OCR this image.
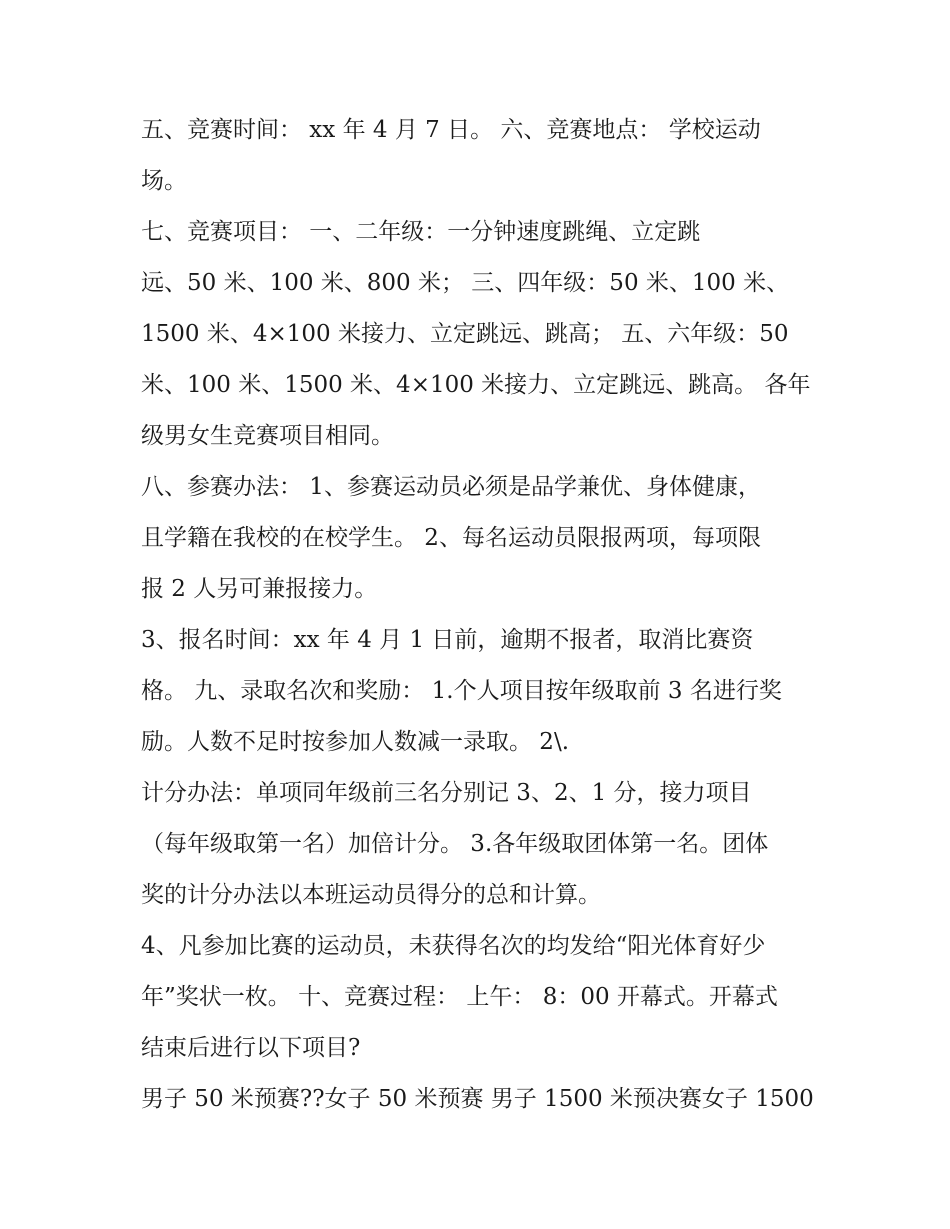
五、竞赛时间： xx 年 4 月 7 日。 六、竞赛地点： 学校运动

场。

七、竞赛项目： 一、二年级：一分钟速度跳绳、立定跳

远、50 米、100 米、800 米； 三、四年级：50 米、100 米、

1500 米、4×100 米接力、立定跳远、跳高； 五、六年级：50

米、100 米、1500 米、4×100 米接力、立定跳远、跳高。 各年

级男女生竞赛项目相同。

八、参赛办法： 1、参赛运动员必须是品学兼优、身体健康，

且学籍在我校的在校学生。 2、每名运动员限报两项，每项限

报 2 人另可兼报接力。

3、报名时间：xx 年 4 月 1 日前，逾期不报者，取消比赛资

格。 九、录取名次和奖励： 1.个人项目按年级取前 3 名进行奖

励。人数不足时按参加人数减一录取。 2\.

计分办法：单项同年级前三名分别记 3、2、1 分，接力项目

（每年级取第一名）加倍计分。 3.各年级取团体第一名。团体

奖的计分办法以本班运动员得分的总和计算。

4、凡参加比赛的运动员，未获得名次的均发给“阳光体育好少

年”奖状一枚。 十、竞赛过程： 上午： 8：00 开幕式。开幕式

结束后进行以下项目?

男子 50 米预赛??女子 50 米预赛 男子 1500 米预决赛女子 1500
